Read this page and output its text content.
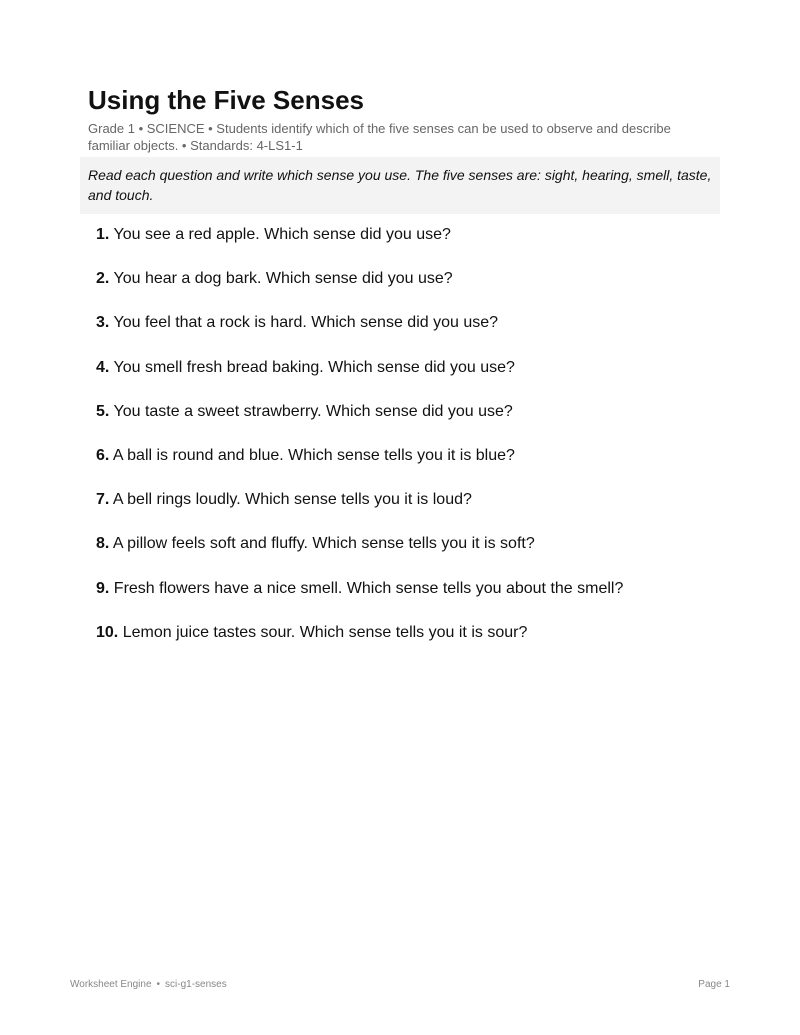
Using the Five Senses

Grade 1 • SCIENCE • Students identify which of the five senses can be used to observe and describe familiar objects. • Standards: 4-LS1-1

Read each question and write which sense you use. The five senses are: sight, hearing, smell, taste, and touch.
1. You see a red apple. Which sense did you use?
2. You hear a dog bark. Which sense did you use?
3. You feel that a rock is hard. Which sense did you use?
4. You smell fresh bread baking. Which sense did you use?
5. You taste a sweet strawberry. Which sense did you use?
6. A ball is round and blue. Which sense tells you it is blue?
7. A bell rings loudly. Which sense tells you it is loud?
8. A pillow feels soft and fluffy. Which sense tells you it is soft?
9. Fresh flowers have a nice smell. Which sense tells you about the smell?
10. Lemon juice tastes sour. Which sense tells you it is sour?
Worksheet Engine • sci-g1-senses	Page 1
